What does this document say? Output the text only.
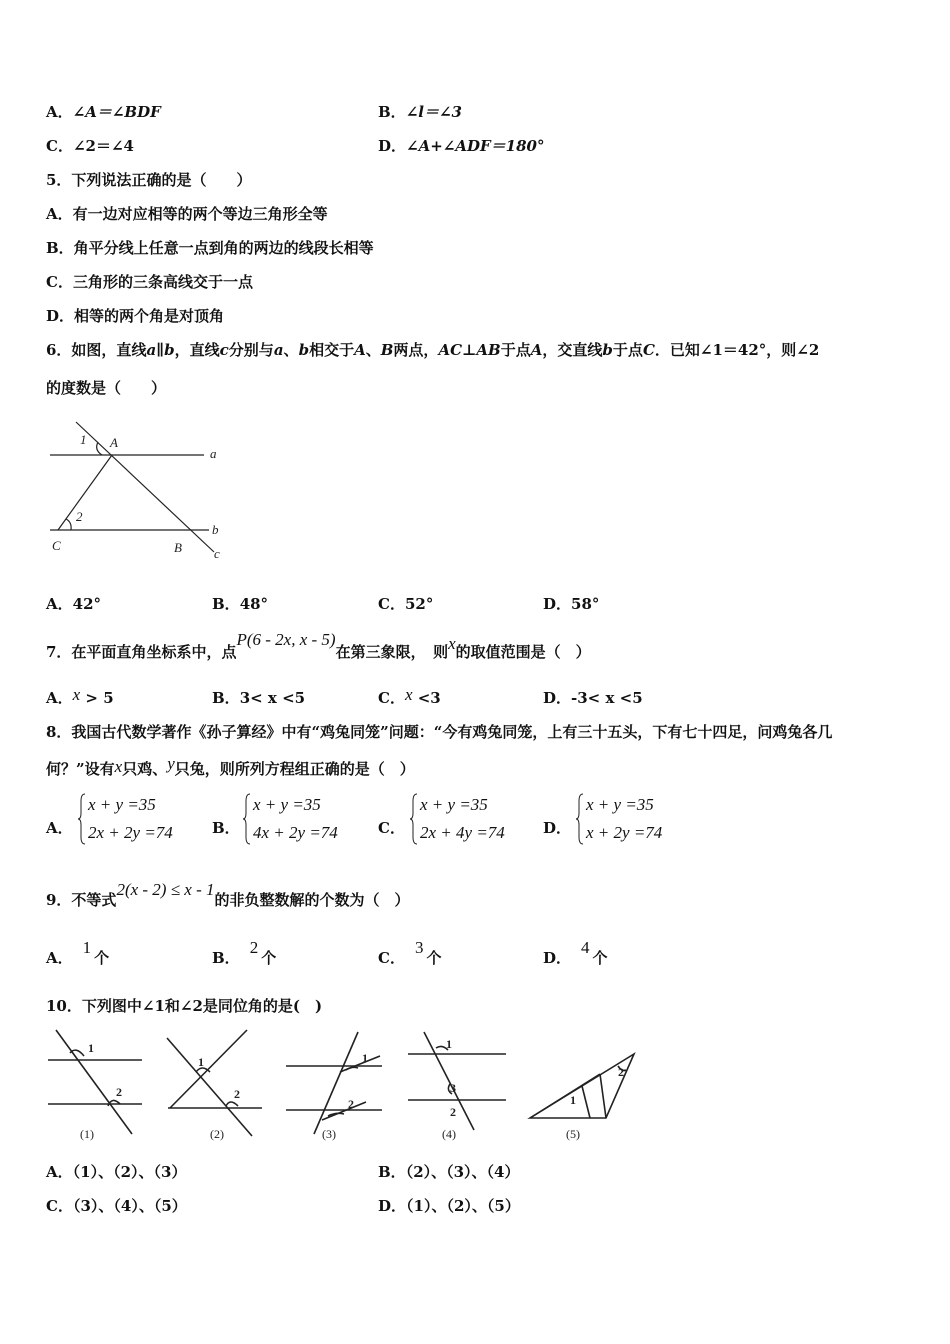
A．∠A＝∠BDF	B．∠l＝∠3
C．∠2＝∠4	D．∠A+∠ADF＝180°
5．下列说法正确的是（　　）
A．有一边对应相等的两个等边三角形全等
B．角平分线上任意一点到角的两边的线段长相等
C．三角形的三条高线交于一点
D．相等的两个角是对顶角
6．如图，直线a∥b，直线c分别与a、b相交于A、B两点，AC⊥AB于点A，交直线b于点C．已知∠1＝42°，则∠2
的度数是（　　）
1 A
a
2
b
C	B c
A．42°	B．48°	C．52°	D．58°
7．在平面直角坐标系中，点P(6 - 2x, x - 5)在第三象限，　则x的取值范围是（　）
A．x > 5	B．3< x <5	C．x <3	D．-3< x <5
8．我国古代数学著作《孙子算经》中有“鸡兔同笼”问题：“今有鸡兔同笼，上有三十五头，下有七十四足，问鸡兔各几
何？”设有x只鸡、y只兔，则所列方程组正确的是（　）
A．
x + y =35
2x + 2y =74	B．
x + y =35
4x + 2y =74	C．
x + y =35
2x + 4y =74	D．
x + y =35
x + 2y =74
9．不等式2(x - 2) ≤ x - 1的非负整数解的个数为（　）
A．1个	B．2个	C．3个	D．4个
10．下列图中∠1和∠2是同位角的是(　)
1
2
1
2
1
2
1
3
2
1
2
(1)	(2)	(3)	(4)	(5)
A．（1）、（2）、（3）	B．（2）、（3）、（4）
C．（3）、（4）、（5）	D．（1）、（2）、（5）
